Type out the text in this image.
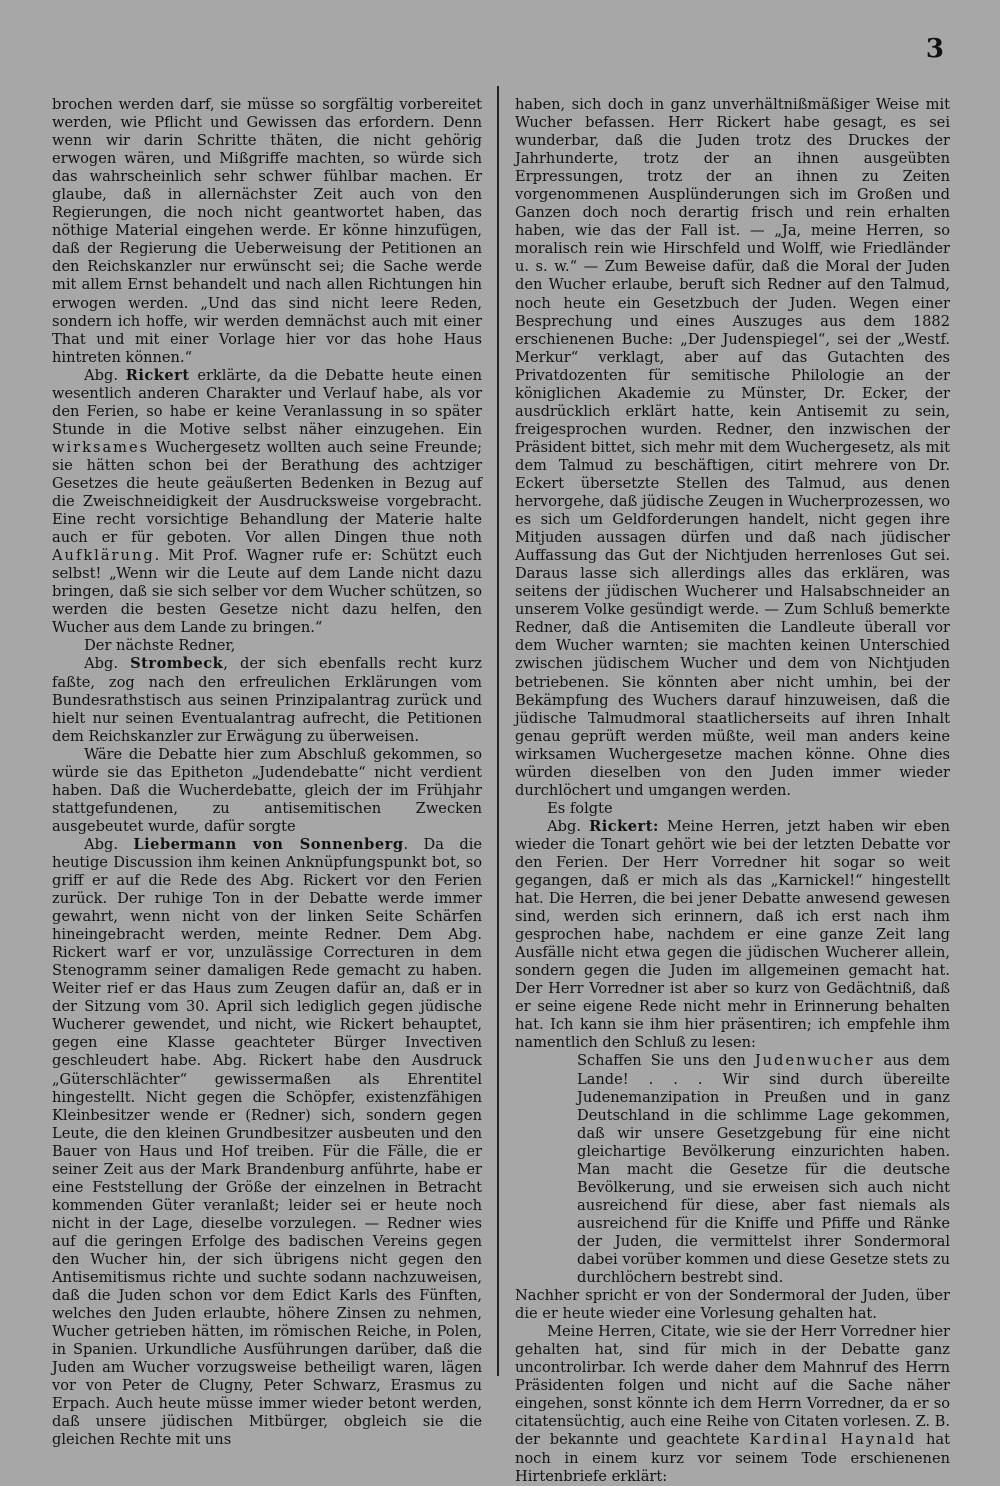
3

brochen werden darf, sie müsse so sorgfältig vorbereitet werden, wie Pflicht und Gewissen das erfordern. Denn wenn wir darin Schritte thäten, die nicht gehörig erwogen wären, und Mißgriffe machten, so würde sich das wahrscheinlich sehr schwer fühlbar machen. Er glaube, daß in allernächster Zeit auch von den Regierungen, die noch nicht geantwortet haben, das nöthige Material eingehen werde. Er könne hinzufügen, daß der Regierung die Ueberweisung der Petitionen an den Reichskanzler nur erwünscht sei; die Sache werde mit allem Ernst behandelt und nach allen Richtungen hin erwogen werden. „Und das sind nicht leere Reden, sondern ich hoffe, wir werden demnächst auch mit einer That und mit einer Vorlage hier vor das hohe Haus hintreten können.“

Abg. Rickert erklärte, da die Debatte heute einen wesentlich anderen Charakter und Verlauf habe, als vor den Ferien, so habe er keine Veranlassung in so später Stunde in die Motive selbst näher einzugehen. Ein wirksames Wuchergesetz wollten auch seine Freunde; sie hätten schon bei der Berathung des achtziger Gesetzes die heute geäußerten Bedenken in Bezug auf die Zweischneidigkeit der Ausdrucksweise vorgebracht. Eine recht vorsichtige Behandlung der Materie halte auch er für geboten. Vor allen Dingen thue noth Aufklärung. Mit Prof. Wagner rufe er: Schützt euch selbst! „Wenn wir die Leute auf dem Lande nicht dazu bringen, daß sie sich selber vor dem Wucher schützen, so werden die besten Gesetze nicht dazu helfen, den Wucher aus dem Lande zu bringen.“

Der nächste Redner,

Abg. Strombeck, der sich ebenfalls recht kurz faßte, zog nach den erfreulichen Erklärungen vom Bundesrathstisch aus seinen Prinzipalantrag zurück und hielt nur seinen Eventualantrag aufrecht, die Petitionen dem Reichskanzler zur Erwägung zu überweisen.

Wäre die Debatte hier zum Abschluß gekommen, so würde sie das Epitheton „Judendebatte“ nicht verdient haben. Daß die Wucherdebatte, gleich der im Frühjahr stattgefundenen, zu antisemitischen Zwecken ausgebeutet wurde, dafür sorgte

Abg. Liebermann von Sonnenberg. Da die heutige Discussion ihm keinen Anknüpfungspunkt bot, so griff er auf die Rede des Abg. Rickert vor den Ferien zurück. Der ruhige Ton in der Debatte werde immer gewahrt, wenn nicht von der linken Seite Schärfen hineingebracht werden, meinte Redner. Dem Abg. Rickert warf er vor, unzulässige Correcturen in dem Stenogramm seiner damaligen Rede gemacht zu haben. Weiter rief er das Haus zum Zeugen dafür an, daß er in der Sitzung vom 30. April sich lediglich gegen jüdische Wucherer gewendet, und nicht, wie Rickert behauptet, gegen eine Klasse geachteter Bürger Invectiven geschleudert habe. Abg. Rickert habe den Ausdruck „Güterschlächter“ gewissermaßen als Ehrentitel hingestellt. Nicht gegen die Schöpfer, existenzfähigen Kleinbesitzer wende er (Redner) sich, sondern gegen Leute, die den kleinen Grundbesitzer ausbeuten und den Bauer von Haus und Hof treiben. Für die Fälle, die er seiner Zeit aus der Mark Brandenburg anführte, habe er eine Feststellung der Größe der einzelnen in Betracht kommenden Güter veranlaßt; leider sei er heute noch nicht in der Lage, dieselbe vorzulegen. — Redner wies auf die geringen Erfolge des badischen Vereins gegen den Wucher hin, der sich übrigens nicht gegen den Antisemitismus richte und suchte sodann nachzuweisen, daß die Juden schon vor dem Edict Karls des Fünften, welches den Juden erlaubte, höhere Zinsen zu nehmen, Wucher getrieben hätten, im römischen Reiche, in Polen, in Spanien. Urkundliche Ausführungen darüber, daß die Juden am Wucher vorzugsweise betheiligt waren, lägen vor von Peter de Clugny, Peter Schwarz, Erasmus zu Erpach. Auch heute müsse immer wieder betont werden, daß unsere jüdischen Mitbürger, obgleich sie die gleichen Rechte mit uns

haben, sich doch in ganz unverhältnißmäßiger Weise mit Wucher befassen. Herr Rickert habe gesagt, es sei wunderbar, daß die Juden trotz des Druckes der Jahrhunderte, trotz der an ihnen ausgeübten Erpressungen, trotz der an ihnen zu Zeiten vorgenommenen Ausplünderungen sich im Großen und Ganzen doch noch derartig frisch und rein erhalten haben, wie das der Fall ist. — „Ja, meine Herren, so moralisch rein wie Hirschfeld und Wolff, wie Friedländer u. s. w.“ — Zum Beweise dafür, daß die Moral der Juden den Wucher erlaube, beruft sich Redner auf den Talmud, noch heute ein Gesetzbuch der Juden. Wegen einer Besprechung und eines Auszuges aus dem 1882 erschienenen Buche: „Der Judenspiegel“, sei der „Westf. Merkur“ verklagt, aber auf das Gutachten des Privatdozenten für semitische Philologie an der königlichen Akademie zu Münster, Dr. Ecker, der ausdrücklich erklärt hatte, kein Antisemit zu sein, freigesprochen wurden. Redner, den inzwischen der Präsident bittet, sich mehr mit dem Wuchergesetz, als mit dem Talmud zu beschäftigen, citirt mehrere von Dr. Eckert übersetzte Stellen des Talmud, aus denen hervorgehe, daß jüdische Zeugen in Wucherprozessen, wo es sich um Geldforderungen handelt, nicht gegen ihre Mitjuden aussagen dürfen und daß nach jüdischer Auffassung das Gut der Nichtjuden herrenloses Gut sei. Daraus lasse sich allerdings alles das erklären, was seitens der jüdischen Wucherer und Halsabschneider an unserem Volke gesündigt werde. — Zum Schluß bemerkte Redner, daß die Antisemiten die Landleute überall vor dem Wucher warnten; sie machten keinen Unterschied zwischen jüdischem Wucher und dem von Nichtjuden betriebenen. Sie könnten aber nicht umhin, bei der Bekämpfung des Wuchers darauf hinzuweisen, daß die jüdische Talmudmoral staatlicherseits auf ihren Inhalt genau geprüft werden müßte, weil man anders keine wirksamen Wuchergesetze machen könne. Ohne dies würden dieselben von den Juden immer wieder durchlöchert und umgangen werden.

Es folgte

Abg. Rickert: Meine Herren, jetzt haben wir eben wieder die Tonart gehört wie bei der letzten Debatte vor den Ferien. Der Herr Vorredner hit sogar so weit gegangen, daß er mich als das „Karnickel!“ hingestellt hat. Die Herren, die bei jener Debatte anwesend gewesen sind, werden sich erinnern, daß ich erst nach ihm gesprochen habe, nachdem er eine ganze Zeit lang Ausfälle nicht etwa gegen die jüdischen Wucherer allein, sondern gegen die Juden im allgemeinen gemacht hat. Der Herr Vorredner ist aber so kurz von Gedächtniß, daß er seine eigene Rede nicht mehr in Erinnerung behalten hat. Ich kann sie ihm hier präsentiren; ich empfehle ihm namentlich den Schluß zu lesen:

Schaffen Sie uns den Judenwucher aus dem Lande! . . . Wir sind durch übereilte Judenemanzipation in Preußen und in ganz Deutschland in die schlimme Lage gekommen, daß wir unsere Gesetzgebung für eine nicht gleichartige Bevölkerung einzurichten haben. Man macht die Gesetze für die deutsche Bevölkerung, und sie erweisen sich auch nicht ausreichend für diese, aber fast niemals als ausreichend für die Kniffe und Pfiffe und Ränke der Juden, die vermittelst ihrer Sondermoral dabei vorüber kommen und diese Gesetze stets zu durchlöchern bestrebt sind.

Nachher spricht er von der Sondermoral der Juden, über die er heute wieder eine Vorlesung gehalten hat.

Meine Herren, Citate, wie sie der Herr Vorredner hier gehalten hat, sind für mich in der Debatte ganz uncontrolirbar. Ich werde daher dem Mahnruf des Herrn Präsidenten folgen und nicht auf die Sache näher eingehen, sonst könnte ich dem Herrn Vorredner, da er so citatensüchtig, auch eine Reihe von Citaten vorlesen. Z. B. der bekannte und geachtete Kardinal Haynald hat noch in einem kurz vor seinem Tode erschienenen Hirtenbriefe erklärt:
